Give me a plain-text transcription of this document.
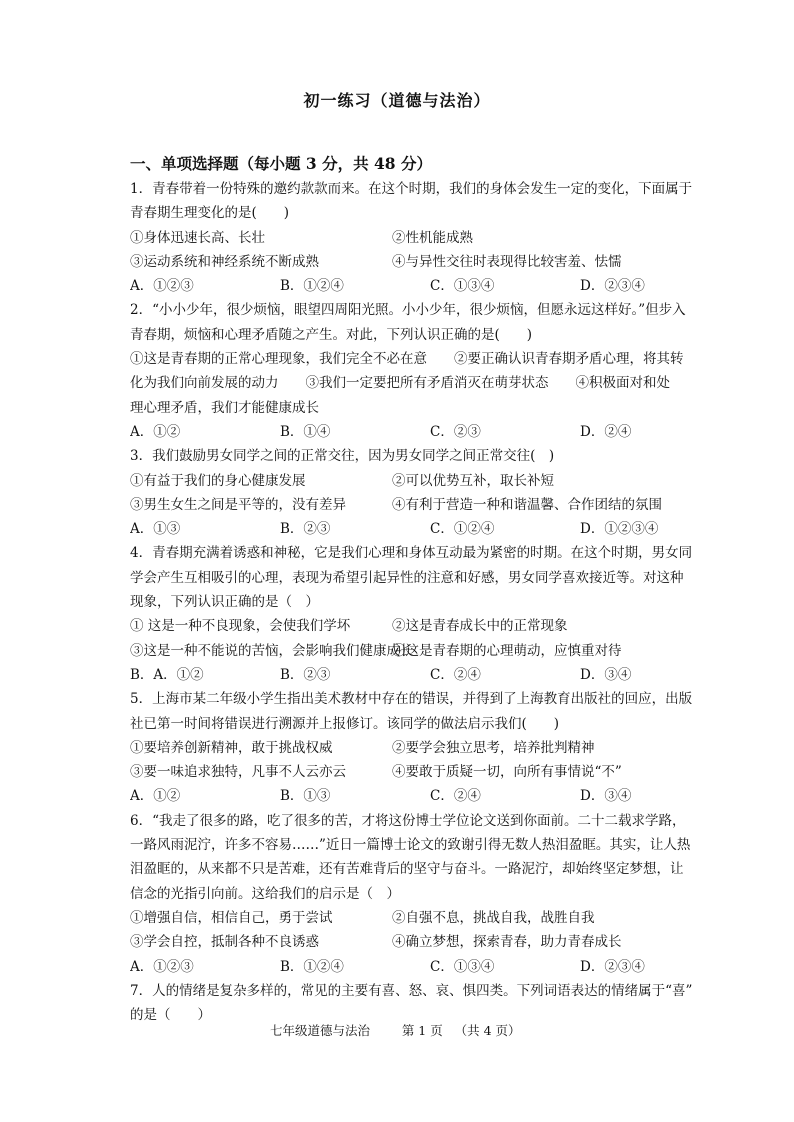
初一练习（道德与法治）
一、单项选择题（每小题 3 分，共 48 分）
1．青春带着一份特殊的邀约款款而来。在这个时期，我们的身体会发生一定的变化，下面属于
青春期生理变化的是(　　)
①身体迅速长高、长壮	②性机能成熟
③运动系统和神经系统不断成熟	④与异性交往时表现得比较害羞、怯懦
A．①②③	B．①②④	C．①③④	D．②③④
2．“小小少年，很少烦恼，眼望四周阳光照。小小少年，很少烦恼，但愿永远这样好。”但步入
青春期，烦恼和心理矛盾随之产生。对此，下列认识正确的是(　　)
①这是青春期的正常心理现象，我们完全不必在意　　②要正确认识青春期矛盾心理，将其转
化为我们向前发展的动力　　③我们一定要把所有矛盾消灭在萌芽状态　　④积极面对和处
理心理矛盾，我们才能健康成长
A．①②	B．①④	C．②③	D．②④
3．我们鼓励男女同学之间的正常交往，因为男女同学之间正常交往(　)
①有益于我们的身心健康发展	②可以优势互补，取长补短
③男生女生之间是平等的，没有差异	④有利于营造一种和谐温馨、合作团结的氛围
A．①③	B．②③	C．①②④	D．①②③④
4．青春期充满着诱惑和神秘，它是我们心理和身体互动最为紧密的时期。在这个时期，男女同
学会产生互相吸引的心理，表现为希望引起异性的注意和好感，男女同学喜欢接近等。对这种
现象，下列认识正确的是（　）
① 这是一种不良现象，会使我们学坏	②这是青春成长中的正常现象
③这是一种不能说的苦恼，会影响我们健康成长
④这是青春期的心理萌动，应慎重对待
B．A．①②	B．②③	C．②④	D．③④
5．上海市某二年级小学生指出美术教材中存在的错误，并得到了上海教育出版社的回应，出版
社已第一时间将错误进行溯源并上报修订。该同学的做法启示我们(　　)
①要培养创新精神，敢于挑战权威	②要学会独立思考，培养批判精神
③要一味追求独特，凡事不人云亦云	④要敢于质疑一切，向所有事情说“不”
A．①②	B．①③	C．②④	D．③④
6．“我走了很多的路，吃了很多的苦，才将这份博士学位论文送到你面前。二十二载求学路，
一路风雨泥泞，许多不容易……”近日一篇博士论文的致谢引得无数人热泪盈眶。其实，让人热
泪盈眶的，从来都不只是苦难，还有苦难背后的坚守与奋斗。一路泥泞，却始终坚定梦想，让
信念的光指引向前。这给我们的启示是（　）
①增强自信，相信自己，勇于尝试	②自强不息，挑战自我，战胜自我
③学会自控，抵制各种不良诱惑	④确立梦想，探索青春，助力青春成长
A．①②③	B．①②④	C．①③④	D．②③④
7．人的情绪是复杂多样的，常见的主要有喜、怒、哀、惧四类。下列词语表达的情绪属于“喜”
的是（　　）
七年级道德与法治
	第 1 页
（共 4 页）
